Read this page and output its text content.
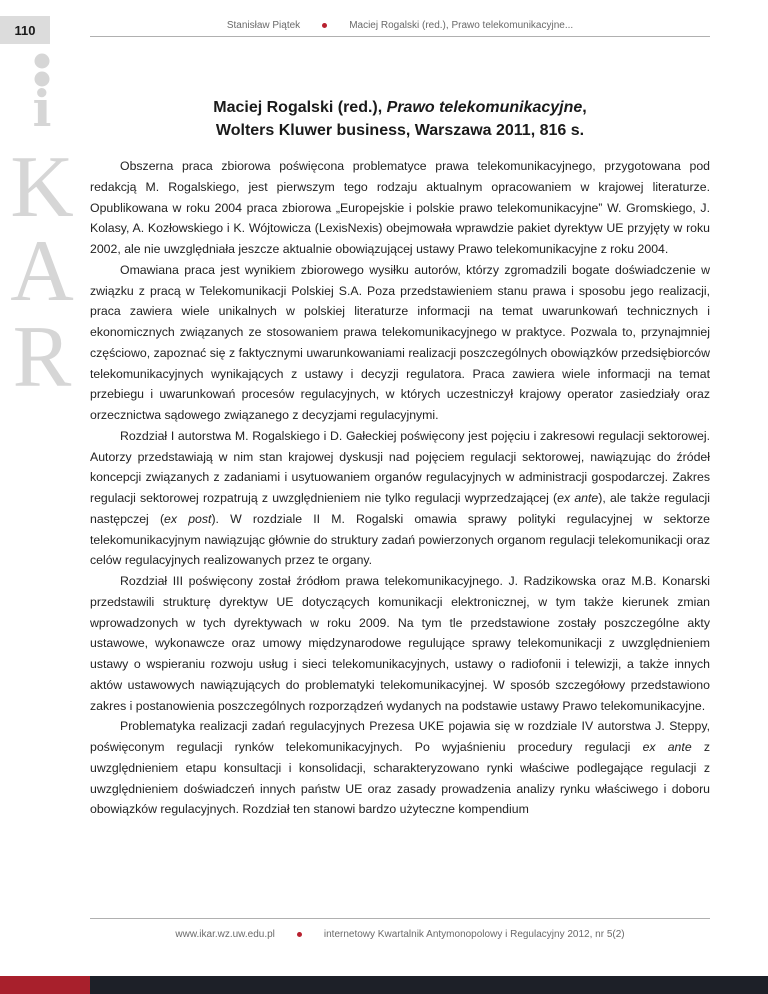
110	Stanisław Piątek	Maciej Rogalski (red.), Prawo telekomunikacyjne...
i
K
A
R
Maciej Rogalski (red.), Prawo telekomunikacyjne,
Wolters Kluwer business, Warszawa 2011, 816 s.

Obszerna praca zbiorowa poświęcona problematyce prawa telekomunikacyjnego, przygotowana pod redakcją M. Rogalskiego, jest pierwszym tego rodzaju aktualnym opracowaniem w krajowej literaturze. Opublikowana w roku 2004 praca zbiorowa „Europejskie i polskie prawo telekomunikacyjne” W. Gromskiego, J. Kolasy, A. Kozłowskiego i K. Wójtowicza (LexisNexis) obejmowała wprawdzie pakiet dyrektyw UE przyjęty w roku 2002, ale nie uwzględniała jeszcze aktualnie obowiązującej ustawy Prawo telekomunikacyjne z roku 2004.

Omawiana praca jest wynikiem zbiorowego wysiłku autorów, którzy zgromadzili bogate doświadczenie w związku z pracą w Telekomunikacji Polskiej S.A. Poza przedstawieniem stanu prawa i sposobu jego realizacji, praca zawiera wiele unikalnych w polskiej literaturze informacji na temat uwarunkowań technicznych i ekonomicznych związanych ze stosowaniem prawa telekomunikacyjnego w praktyce. Pozwala to, przynajmniej częściowo, zapoznać się z faktycznymi uwarunkowaniami realizacji poszczególnych obowiązków przedsiębiorców telekomunikacyjnych wynikających z ustawy i decyzji regulatora. Praca zawiera wiele informacji na temat przebiegu i uwarunkowań procesów regulacyjnych, w których uczestniczył krajowy operator zasiedziały oraz orzecznictwa sądowego związanego z decyzjami regulacyjnymi.

Rozdział I autorstwa M. Rogalskiego i D. Gałeckiej poświęcony jest pojęciu i zakresowi regulacji sektorowej. Autorzy przedstawiają w nim stan krajowej dyskusji nad pojęciem regulacji sektorowej, nawiązując do źródeł koncepcji związanych z zadaniami i usytuowaniem organów regulacyjnych w administracji gospodarczej. Zakres regulacji sektorowej rozpatrują z uwzględnieniem nie tylko regulacji wyprzedzającej (ex ante), ale także regulacji następczej (ex post). W rozdziale II M. Rogalski omawia sprawy polityki regulacyjnej w sektorze telekomunikacyjnym nawiązując głównie do struktury zadań powierzonych organom regulacji telekomunikacji oraz celów regulacyjnych realizowanych przez te organy.

Rozdział III poświęcony został źródłom prawa telekomunikacyjnego. J. Radzikowska oraz M.B. Konarski przedstawili strukturę dyrektyw UE dotyczących komunikacji elektronicznej, w tym także kierunek zmian wprowadzonych w tych dyrektywach w roku 2009. Na tym tle przedstawione zostały poszczególne akty ustawowe, wykonawcze oraz umowy międzynarodowe regulujące sprawy telekomunikacji z uwzględnieniem ustawy o wspieraniu rozwoju usług i sieci telekomunikacyjnych, ustawy o radiofonii i telewizji, a także innych aktów ustawowych nawiązujących do problematyki telekomunikacyjnej. W sposób szczegółowy przedstawiono zakres i postanowienia poszczególnych rozporządzeń wydanych na podstawie ustawy Prawo telekomunikacyjne.

Problematyka realizacji zadań regulacyjnych Prezesa UKE pojawia się w rozdziale IV autorstwa J. Steppy, poświęconym regulacji rynków telekomunikacyjnych. Po wyjaśnieniu procedury regulacji ex ante z uwzględnieniem etapu konsultacji i konsolidacji, scharakteryzowano rynki właściwe podlegające regulacji z uwzględnieniem doświadczeń innych państw UE oraz zasady prowadzenia analizy rynku właściwego i doboru obowiązków regulacyjnych. Rozdział ten stanowi bardzo użyteczne kompendium

www.ikar.wz.uw.edu.pl	internetowy Kwartalnik Antymonopolowy i Regulacyjny 2012, nr 5(2)
